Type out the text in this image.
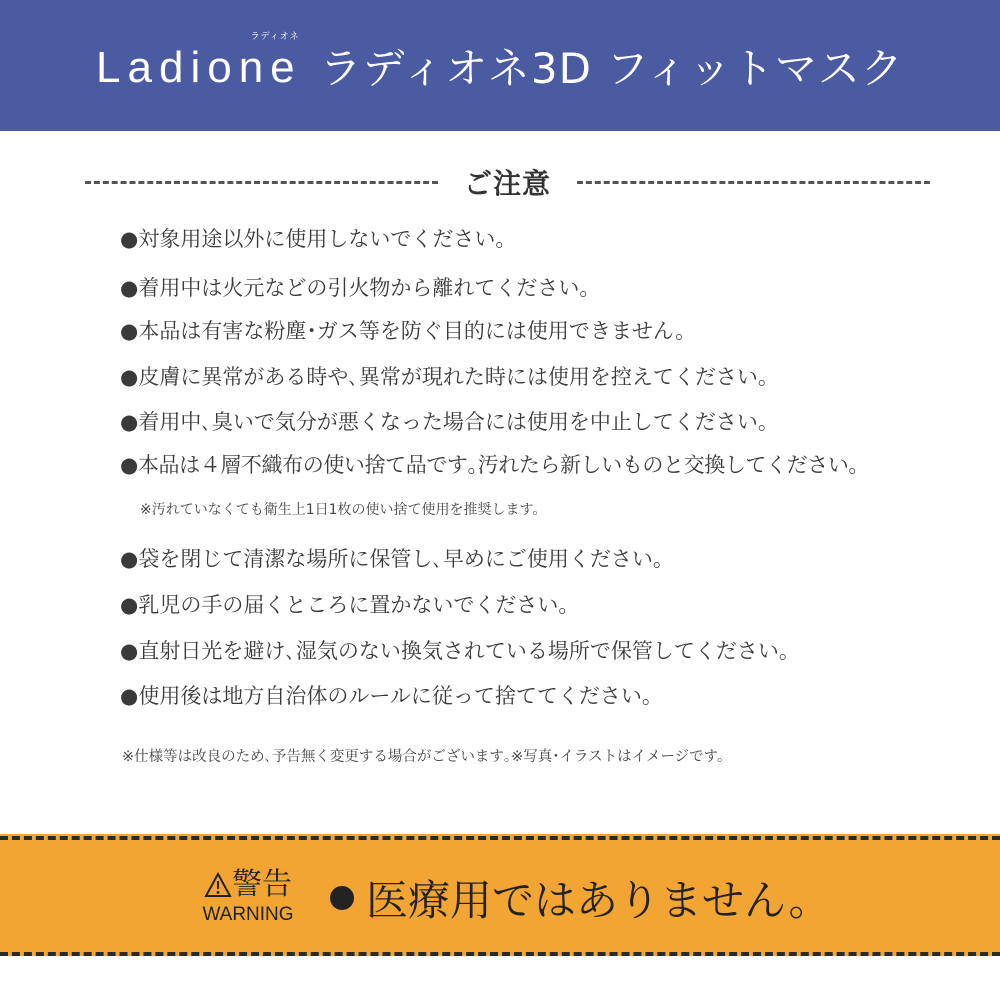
Ladione
ラディオネ
ラディオネ3D フィットマスク
ご注意
●対象用途以外に使用しないでください。
●着用中は火元などの引火物から離れてください。
●本品は有害な粉塵･ガス等を防ぐ目的には使用できません。
●皮膚に異常がある時や､異常が現れた時には使用を控えてください。
●着用中､臭いで気分が悪くなった場合には使用を中止してください。
●本品は４層不織布の使い捨て品です｡汚れたら新しいものと交換してください。
※汚れていなくても衛生上1日1枚の使い捨て使用を推奨します。
●袋を閉じて清潔な場所に保管し､早めにご使用ください。
●乳児の手の届くところに置かないでください。
●直射日光を避け､湿気のない換気されている場所で保管してください。
●使用後は地方自治体のルールに従って捨ててください。
※仕様等は改良のため､予告無く変更する場合がございます｡※写真･イラストはイメージです。
警告
WARNING	医療用ではありません。
